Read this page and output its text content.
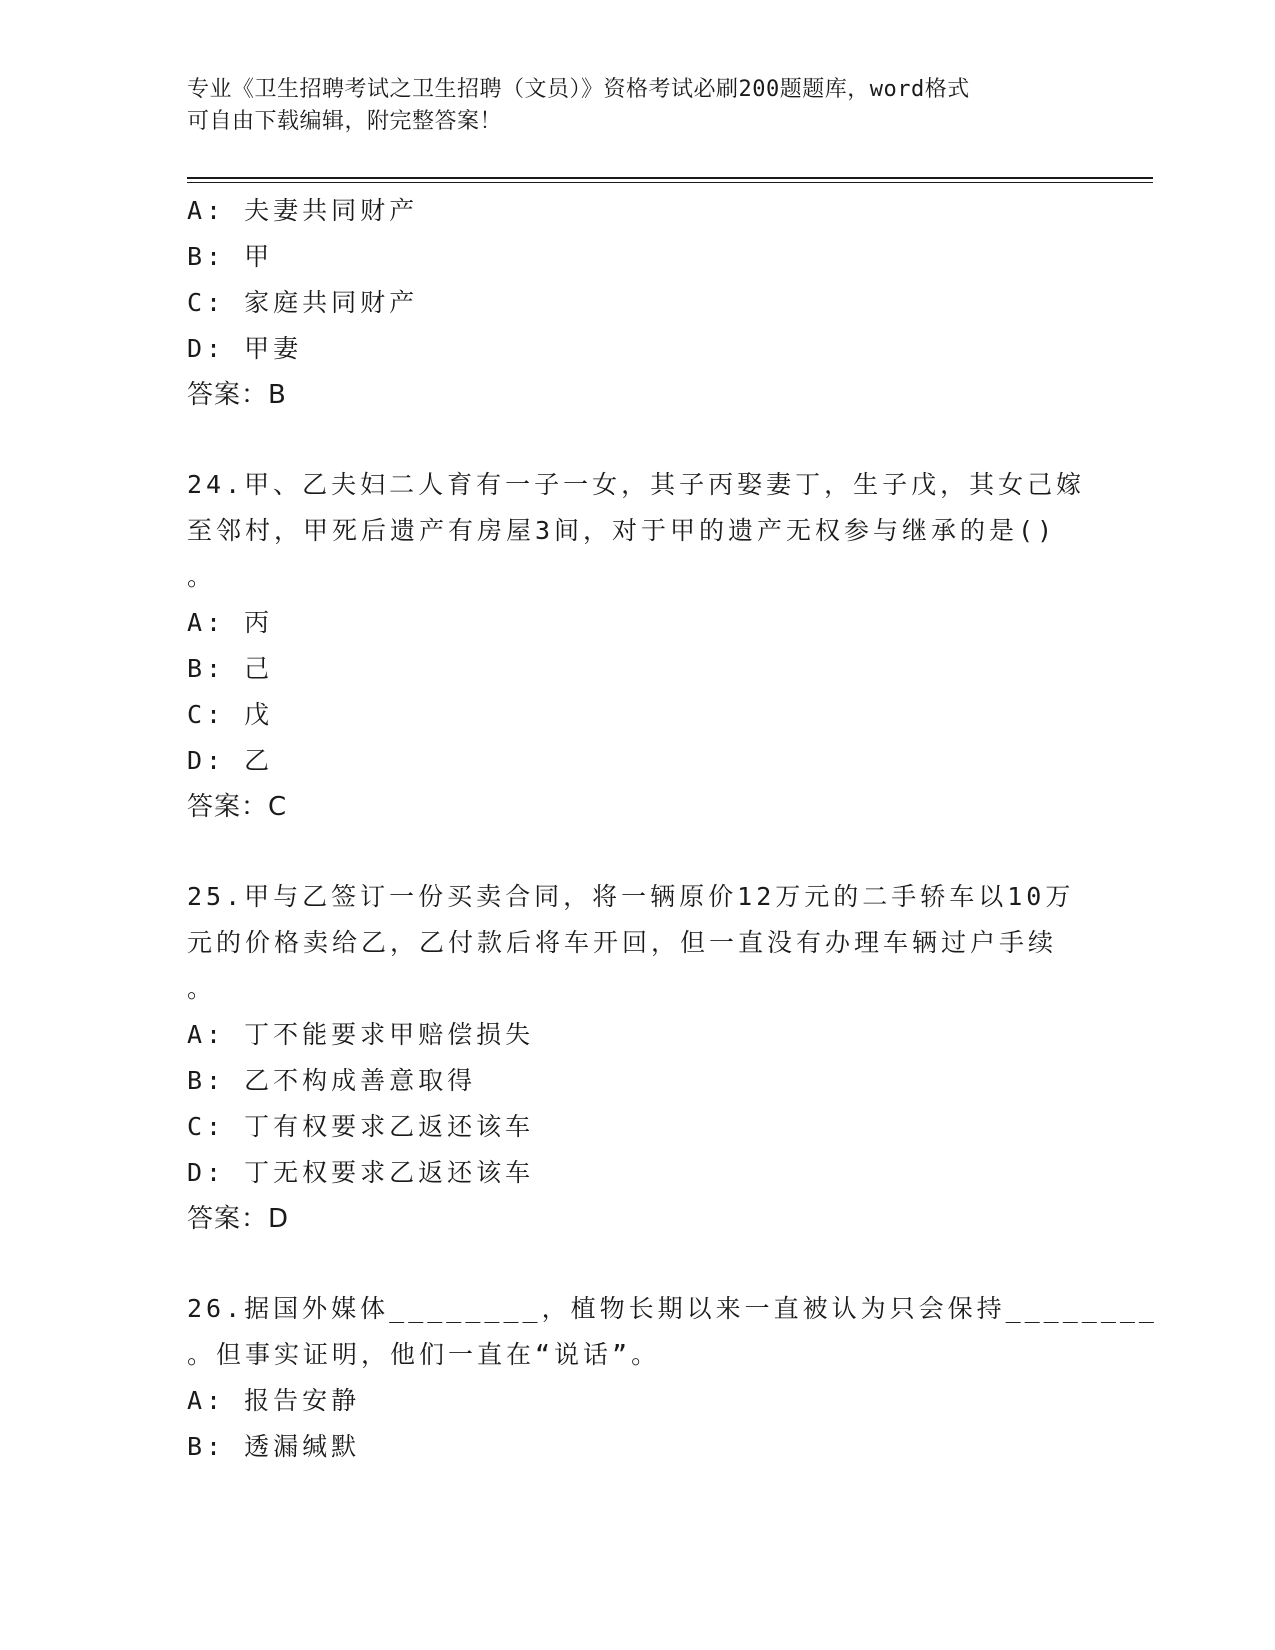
专业《卫生招聘考试之卫生招聘（文员）》资格考试必刷200题题库，word格式
可自由下载编辑，附完整答案！
A: 夫妻共同财产
B: 甲
C: 家庭共同财产
D: 甲妻
答案：B
24.甲、乙夫妇二人育有一子一女，其子丙娶妻丁，生子戊，其女己嫁
至邻村，甲死后遗产有房屋3间，对于甲的遗产无权参与继承的是()
。
A: 丙
B: 己
C: 戊
D: 乙
答案：C
25.甲与乙签订一份买卖合同，将一辆原价12万元的二手轿车以10万
元的价格卖给乙，乙付款后将车开回，但一直没有办理车辆过户手续
。
A: 丁不能要求甲赔偿损失
B: 乙不构成善意取得
C: 丁有权要求乙返还该车
D: 丁无权要求乙返还该车
答案：D
26.据国外媒体________，植物长期以来一直被认为只会保持________
。但事实证明，他们一直在“说话”。
A: 报告安静
B: 透漏缄默
